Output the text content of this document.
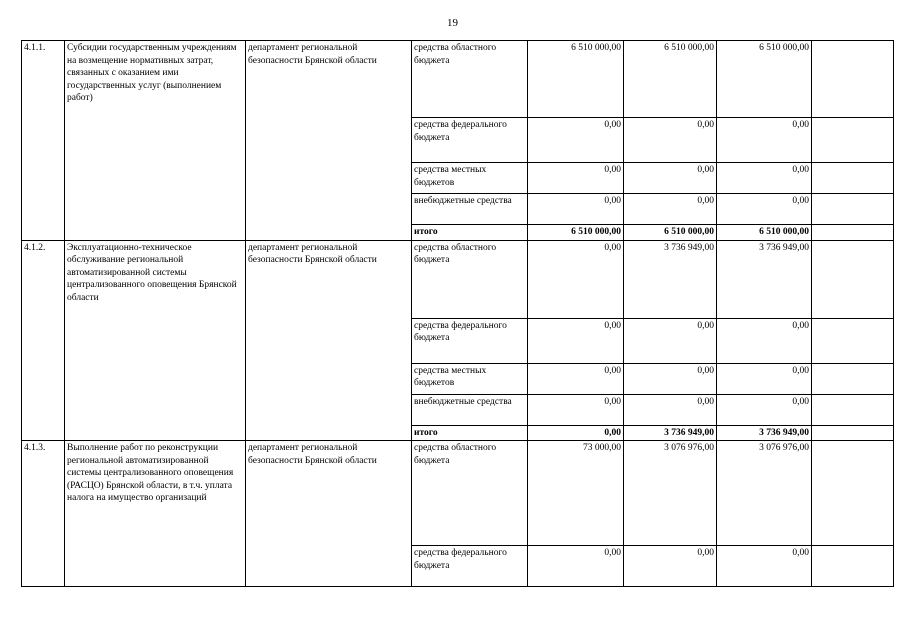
19
4.1.1.	Субсидии государственным учреждениям на возмещение нормативных затрат, связанных с оказанием ими государственных услуг (выполнением работ)	департамент региональной безопасности Брянской области	средства областного бюджета	6 510 000,00	6 510 000,00	6 510 000,00	
			средства федерального бюджета	0,00	0,00	0,00	
			средства местных бюджетов	0,00	0,00	0,00	
			внебюджетные средства	0,00	0,00	0,00	
			итого	6 510 000,00	6 510 000,00	6 510 000,00	
4.1.2.	Эксплуатационно-техническое обслуживание региональной автоматизированной системы централизованного оповещения Брянской области	департамент региональной безопасности Брянской области	средства областного бюджета	0,00	3 736 949,00	3 736 949,00	
			средства федерального бюджета	0,00	0,00	0,00	
			средства местных бюджетов	0,00	0,00	0,00	
			внебюджетные средства	0,00	0,00	0,00	
			итого	0,00	3 736 949,00	3 736 949,00	
4.1.3.	Выполнение работ по реконструкции региональной автоматизированной системы централизованного оповещения (РАСЦО) Брянской области, в т.ч. уплата налога на имущество организаций	департамент региональной безопасности Брянской области	средства областного бюджета	73 000,00	3 076 976,00	3 076 976,00	
			средства федерального бюджета	0,00	0,00	0,00	
